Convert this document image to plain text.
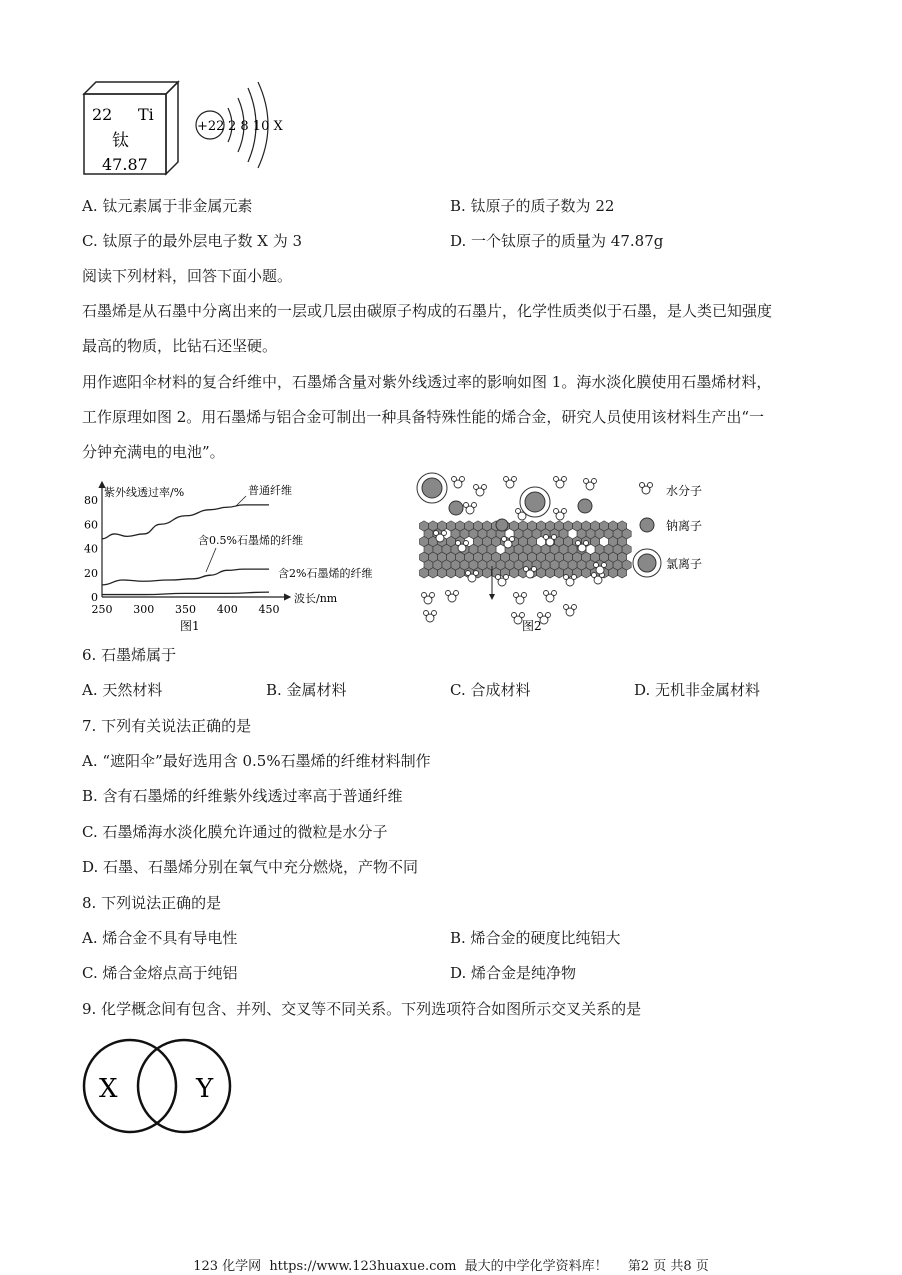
22 Ti
钛
47.87
+22 2 8 10 X
A. 钛元素属于非金属元素	B. 钛原子的质子数为 22
C. 钛原子的最外层电子数 X 为 3	D. 一个钛原子的质量为 47.87g
阅读下列材料，回答下面小题。
石墨烯是从石墨中分离出来的一层或几层由碳原子构成的石墨片，化学性质类似于石墨，是人类已知强度
最高的物质，比钻石还坚硬。
用作遮阳伞材料的复合纤维中，石墨烯含量对紫外线透过率的影响如图 1。海水淡化膜使用石墨烯材料，
工作原理如图 2。用石墨烯与铝合金可制出一种具备特殊性能的烯合金，研究人员使用该材料生产出“一
分钟充满电的电池”。
紫外线透过率/%
波长/nm
0
20
40
60
80
250 300 350 400 450
普通纤维
含0.5%石墨烯的纤维
含2%石墨烯的纤维
图1	图2
水分子
钠离子
氯离子
6. 石墨烯属于
A. 天然材料	B. 金属材料	C. 合成材料	D. 无机非金属材料
7. 下列有关说法正确的是
A. “遮阳伞”最好选用含 0.5%石墨烯的纤维材料制作
B. 含有石墨烯的纤维紫外线透过率高于普通纤维
C. 石墨烯海水淡化膜允许通过的微粒是水分子
D. 石墨、石墨烯分别在氧气中充分燃烧，产物不同
8. 下列说法正确的是
A. 烯合金不具有导电性	B. 烯合金的硬度比纯铝大
C. 烯合金熔点高于纯铝	D. 烯合金是纯净物
9. 化学概念间有包含、并列、交叉等不同关系。下列选项符合如图所示交叉关系的是
X	Y
123 化学网 https://www.123huaxue.com 最大的中学化学资料库！ 第2 页 共8 页
